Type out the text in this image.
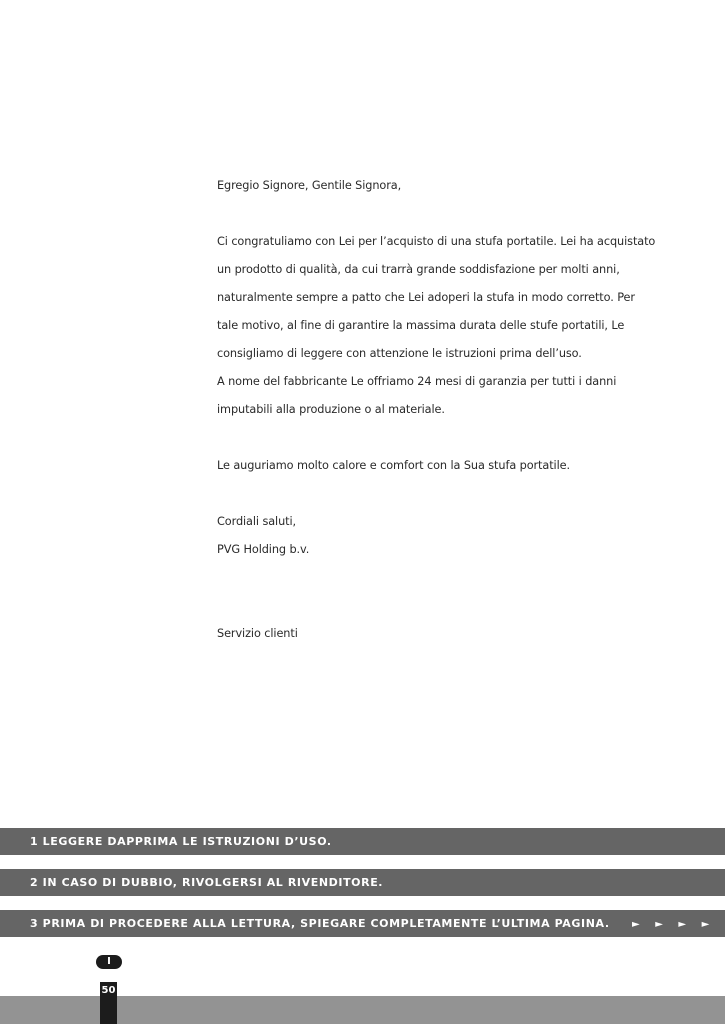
Egregio Signore, Gentile Signora,
Ci congratuliamo con Lei per l’acquisto di una stufa portatile. Lei ha acquistato
un prodotto di qualità, da cui trarrà grande soddisfazione per molti anni,
naturalmente sempre a patto che Lei adoperi la stufa in modo corretto. Per
tale motivo, al fine di garantire la massima durata delle stufe portatili, Le
consigliamo di leggere con attenzione le istruzioni prima dell’uso.
A nome del fabbricante Le offriamo 24 mesi di garanzia per tutti i danni
imputabili alla produzione o al materiale.
Le auguriamo molto calore e comfort con la Sua stufa portatile.
Cordiali saluti,
PVG Holding b.v.
Servizio clienti
1 LEGGERE DAPPRIMA LE ISTRUZIONI D’USO.
2 IN CASO DI DUBBIO, RIVOLGERSI AL RIVENDITORE.
3 PRIMA DI PROCEDERE ALLA LETTURA, SPIEGARE COMPLETAMENTE L’ULTIMA PAGINA. ► ► ► ►
I
50
